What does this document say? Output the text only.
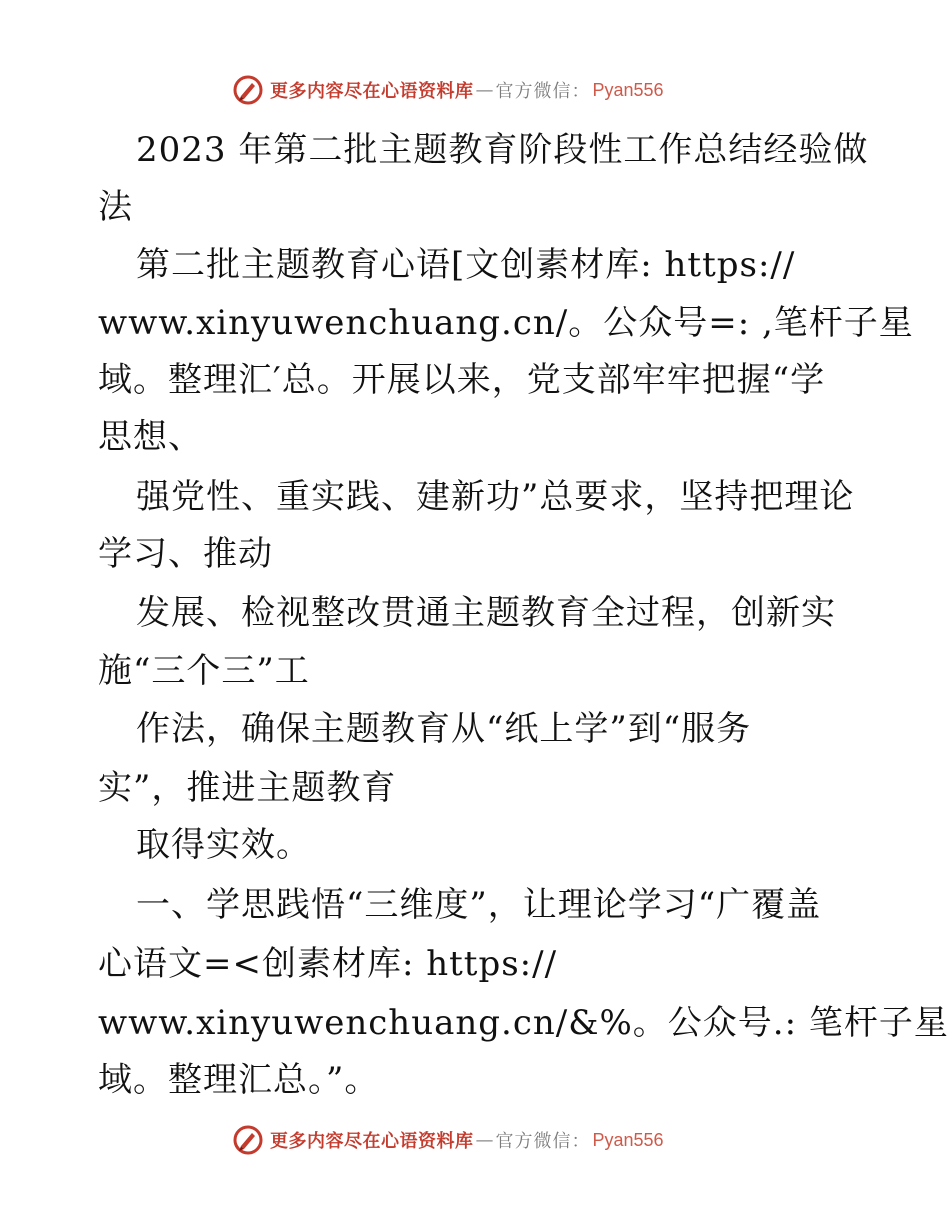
更多内容尽在心语资料库 — 官方微信： Pyan556
2023 年第二批主题教育阶段性工作总结经验做
法
第二批主题教育心语[文创素材库: https://
www.xinyuwenchuang.cn/。公众号=: ,笔杆子星
域。整理汇′总。开展以来，党支部牢牢把握“学
思想、
强党性、重实践、建新功”总要求，坚持把理论
学习、推动
发展、检视整改贯通主题教育全过程，创新实
施“三个三”工
作法，确保主题教育从“纸上学”到“服务
实”，推进主题教育
取得实效。
一、学思践悟“三维度”，让理论学习“广覆盖
心语文=<创素材库: https://
www.xinyuwenchuang.cn/&%。公众号.: 笔杆子星
域。整理汇总。”。
更多内容尽在心语资料库 — 官方微信： Pyan556
